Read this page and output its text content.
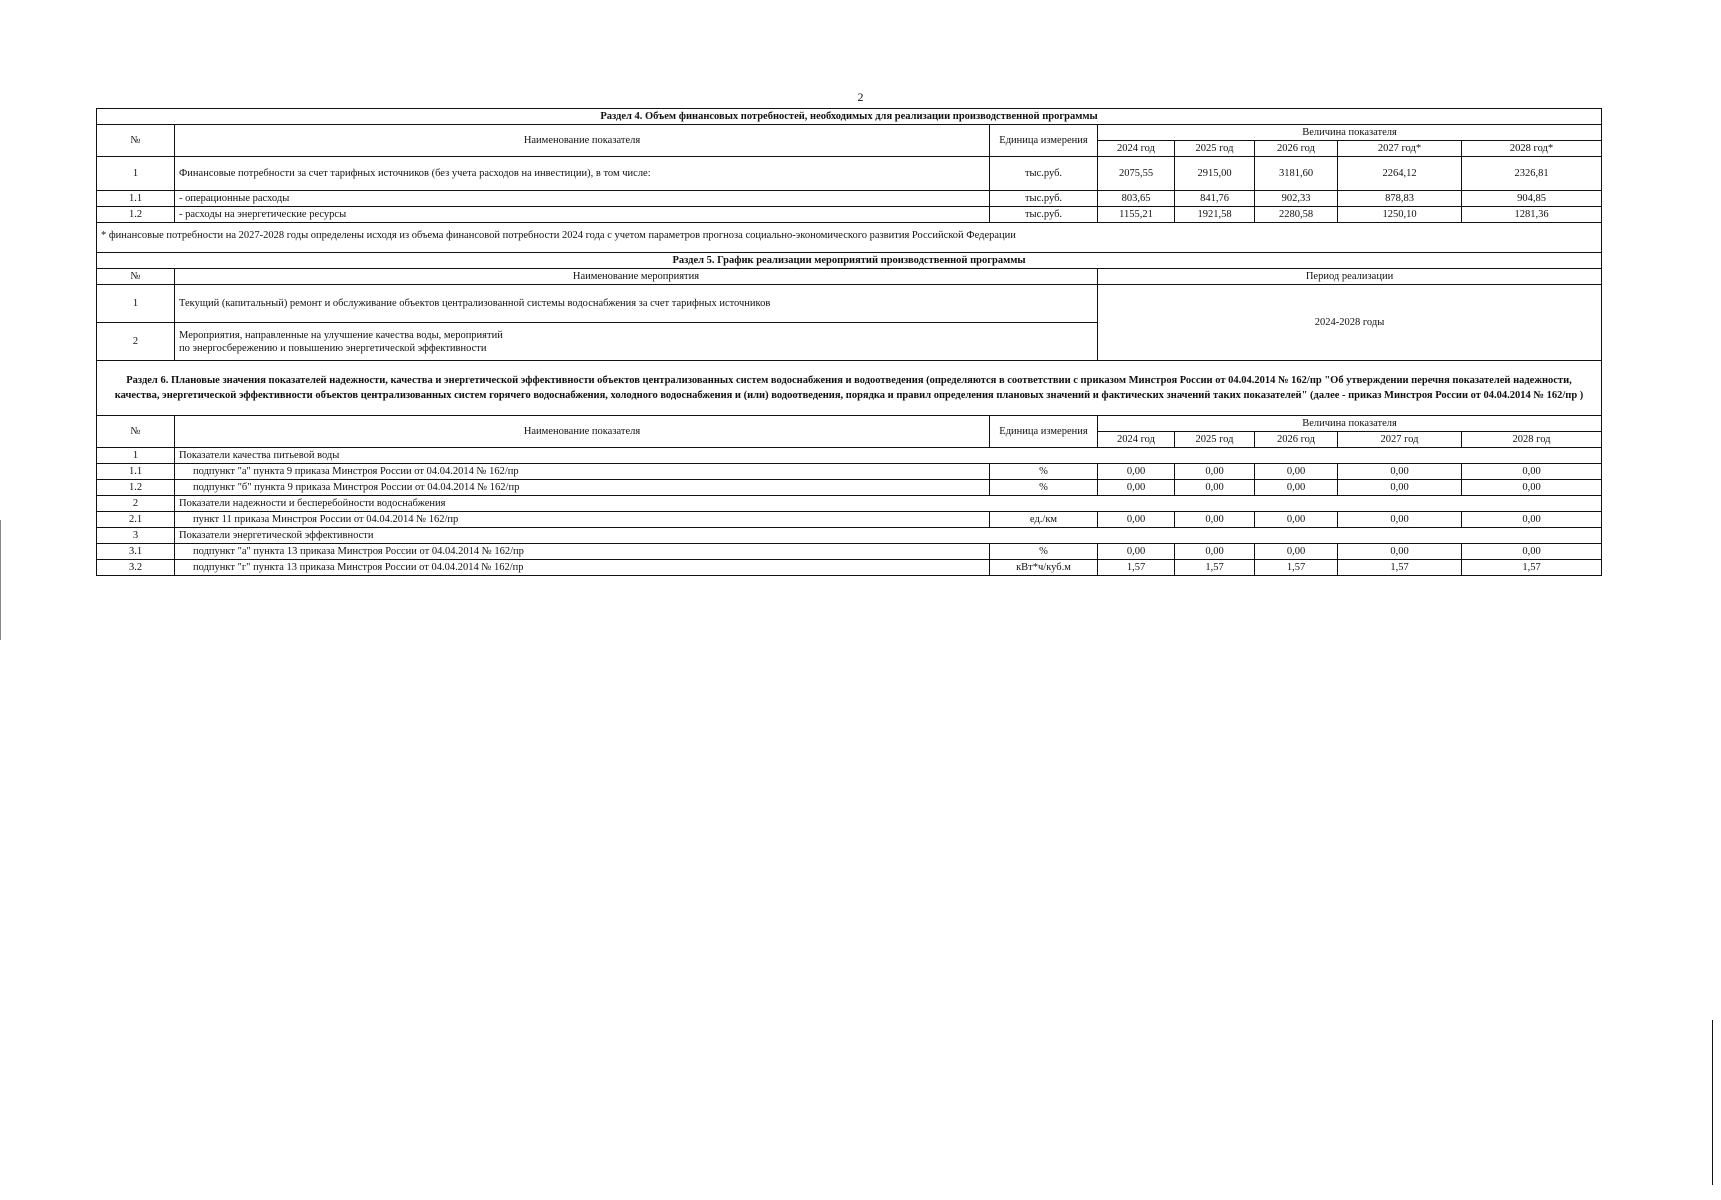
2
Раздел 4. Объем финансовых потребностей, необходимых для реализации производственной программы							
№	Наименование показателя	Единица измерения	Величина показателя				
			2024 год	2025 год	2026 год	2027 год*	2028 год*
1	Финансовые потребности за счет тарифных источников (без учета расходов на инвестиции), в том числе:	тыс.руб.	2075,55	2915,00	3181,60	2264,12	2326,81
1.1	- операционные расходы	тыс.руб.	803,65	841,76	902,33	878,83	904,85
1.2	- расходы на энергетические ресурсы	тыс.руб.	1155,21	1921,58	2280,58	1250,10	1281,36
* финансовые потребности на 2027-2028 годы определены исходя из объема финансовой потребности 2024 года с учетом параметров прогноза социально-экономического развития Российской Федерации							
Раздел 5. График реализации мероприятий производственной программы							
№	Наименование мероприятия		Период реализации				
1	Текущий (капитальный) ремонт и обслуживание объектов централизованной системы водоснабжения за счет тарифных источников		2024-2028 годы				
2	Мероприятия, направленные на улучшение качества воды, мероприятий
по энергосбережению и повышению энергетической эффективности						

Раздел 6. Плановые значения показателей надежности, качества и энергетической эффективности объектов централизованных систем водоснабжения и водоотведения (определяются в соответствии с приказом Минстроя России от 04.04.2014 № 162/пр "Об утверждении перечня показателей надежности, качества, энергетической эффективности объектов централизованных систем горячего водоснабжения, холодного водоснабжения и (или) водоотведения, порядка и правил определения плановых значений и фактических значений таких показателей" (далее - приказ Минстроя России от 04.04.2014 № 162/пр )							
№	Наименование показателя	Единица измерения	Величина показателя				
			2024 год	2025 год	2026 год	2027 год	2028 год
1	Показатели качества питьевой воды						
1.1	подпункт "а" пункта 9 приказа Минстроя России от 04.04.2014 № 162/пр	%	0,00	0,00	0,00	0,00	0,00
1.2	подпункт "б" пункта 9 приказа Минстроя России от 04.04.2014 № 162/пр	%	0,00	0,00	0,00	0,00	0,00
2	Показатели надежности и бесперебойности водоснабжения						
2.1	пункт 11 приказа Минстроя России от 04.04.2014 № 162/пр	ед./км	0,00	0,00	0,00	0,00	0,00
3	Показатели энергетической эффективности						
3.1	подпункт "а" пункта 13 приказа Минстроя России от 04.04.2014 № 162/пр	%	0,00	0,00	0,00	0,00	0,00
3.2	подпункт "г" пункта 13 приказа Минстроя России от 04.04.2014 № 162/пр	кВт*ч/куб.м	1,57	1,57	1,57	1,57	1,57
